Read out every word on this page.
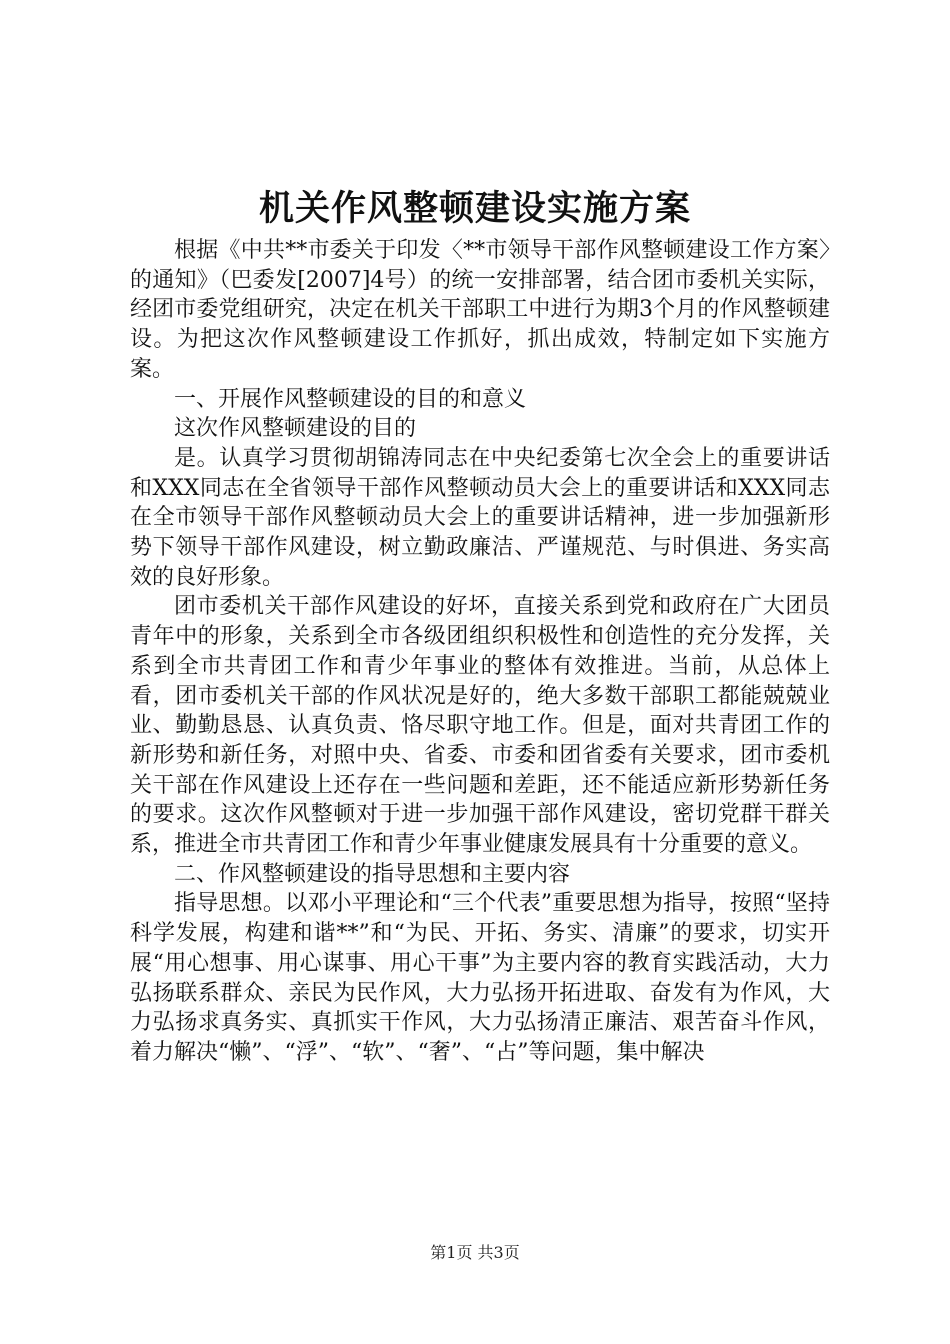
机关作风整顿建设实施方案

根据《中共**市委关于印发〈**市领导干部作风整顿建设工作方案〉的通知》（巴委发[2007]4号）的统一安排部署，结合团市委机关实际，经团市委党组研究，决定在机关干部职工中进行为期3个月的作风整顿建设。为把这次作风整顿建设工作抓好，抓出成效，特制定如下实施方案。

一、开展作风整顿建设的目的和意义

这次作风整顿建设的目的

是。认真学习贯彻胡锦涛同志在中央纪委第七次全会上的重要讲话和XXX同志在全省领导干部作风整顿动员大会上的重要讲话和XXX同志在全市领导干部作风整顿动员大会上的重要讲话精神，进一步加强新形势下领导干部作风建设，树立勤政廉洁、严谨规范、与时俱进、务实高效的良好形象。

团市委机关干部作风建设的好坏，直接关系到党和政府在广大团员青年中的形象，关系到全市各级团组织积极性和创造性的充分发挥，关系到全市共青团工作和青少年事业的整体有效推进。当前，从总体上看，团市委机关干部的作风状况是好的，绝大多数干部职工都能兢兢业业、勤勤恳恳、认真负责、恪尽职守地工作。但是，面对共青团工作的新形势和新任务，对照中央、省委、市委和团省委有关要求，团市委机关干部在作风建设上还存在一些问题和差距，还不能适应新形势新任务的要求。这次作风整顿对于进一步加强干部作风建设，密切党群干群关系，推进全市共青团工作和青少年事业健康发展具有十分重要的意义。

二、作风整顿建设的指导思想和主要内容

指导思想。以邓小平理论和“三个代表”重要思想为指导，按照“坚持科学发展，构建和谐**”和“为民、开拓、务实、清廉”的要求，切实开展“用心想事、用心谋事、用心干事”为主要内容的教育实践活动，大力弘扬联系群众、亲民为民作风，大力弘扬开拓进取、奋发有为作风，大力弘扬求真务实、真抓实干作风，大力弘扬清正廉洁、艰苦奋斗作风，着力解决“懒”、“浮”、“软”、“奢”、“占”等问题，集中解决

第1页 共3页
